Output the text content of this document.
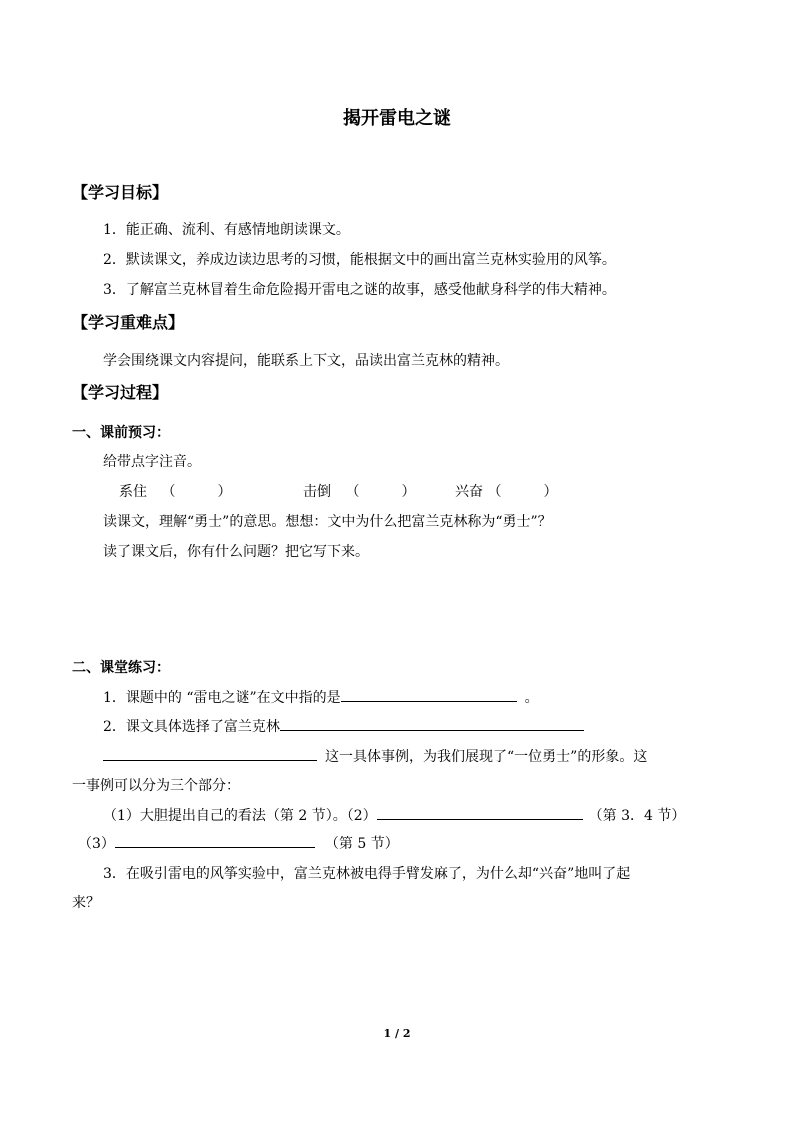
揭开雷电之谜
【学习目标】
1．能正确、流利、有感情地朗读课文。
2．默读课文，养成边读边思考的习惯，能根据文中的画出富兰克林实验用的风筝。
3．了解富兰克林冒着生命危险揭开雷电之谜的故事，感受他献身科学的伟大精神。
【学习重难点】
学会围绕课文内容提问，能联系上下文，品读出富兰克林的精神。
【学习过程】
一、课前预习：
给带点字注音。
系住 （　　　）	击倒 （　　　）	兴奋 （　　　）
读课文，理解“勇士”的意思。想想：文中为什么把富兰克林称为“勇士”？
读了课文后，你有什么问题？把它写下来。
二、课堂练习：
1．课题中的 “雷电之谜”在文中指的是	。
2．课文具体选择了富兰克林
这一具体事例，为我们展现了“一位勇士”的形象。这
一事例可以分为三个部分：
（1）大胆提出自己的看法（第 2 节）。（2）	（第 3．4 节）
（3）	（第 5 节）
3．在吸引雷电的风筝实验中，富兰克林被电得手臂发麻了，为什么却“兴奋”地叫了起
来？
1 / 2
